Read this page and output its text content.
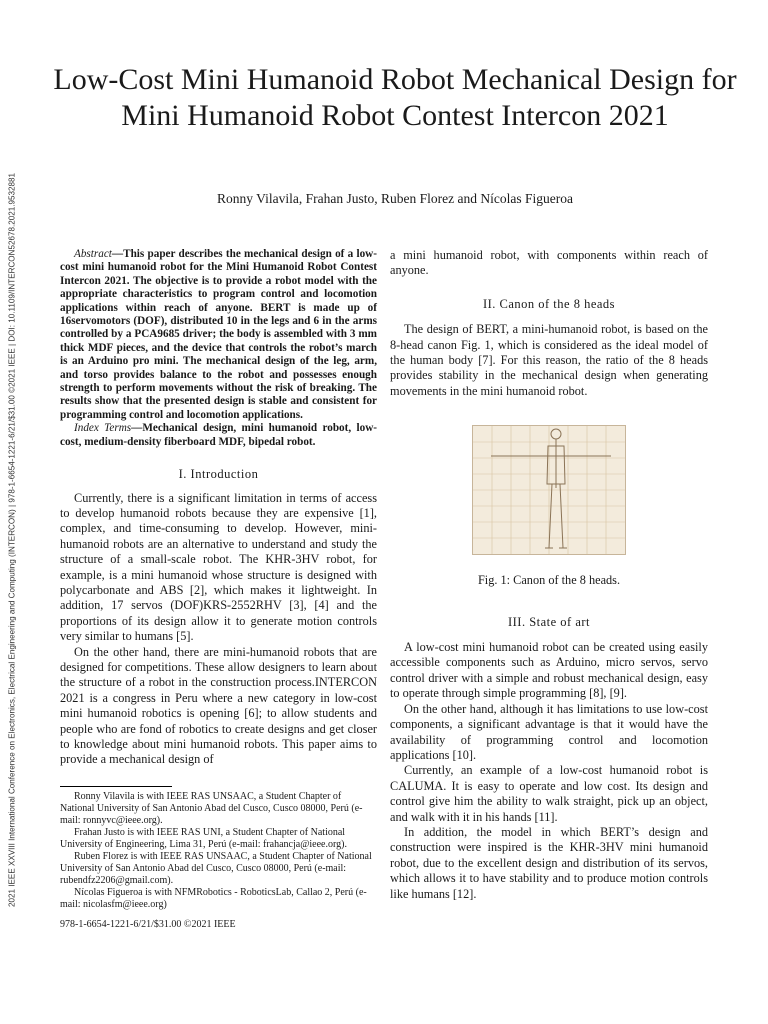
2021 IEEE XXVIII International Conference on Electronics, Electrical Engineering and Computing (INTERCON) | 978-1-6654-1221-6/21/$31.00 ©2021 IEEE | DOI: 10.1109/INTERCON52678.2021.9532881
Low-Cost Mini Humanoid Robot Mechanical Design for Mini Humanoid Robot Contest Intercon 2021
Ronny Vilavila, Frahan Justo, Ruben Florez and Nícolas Figueroa

Abstract—This paper describes the mechanical design of a low-cost mini humanoid robot for the Mini Humanoid Robot Contest Intercon 2021. The objective is to provide a robot model with the appropriate characteristics to program control and locomotion applications within reach of anyone. BERT is made up of 16servomotors (DOF), distributed 10 in the legs and 6 in the arms controlled by a PCA9685 driver; the body is assembled with 3 mm thick MDF pieces, and the device that controls the robot’s march is an Arduino pro mini. The mechanical design of the leg, arm, and torso provides balance to the robot and possesses enough strength to perform movements without the risk of breaking. The results show that the presented design is stable and consistent for programming control and locomotion applications.

Index Terms—Mechanical design, mini humanoid robot, low-cost, medium-density fiberboard MDF, bipedal robot.

I. Introduction

Currently, there is a significant limitation in terms of access to develop humanoid robots because they are expensive [1], complex, and time-consuming to develop. However, mini-humanoid robots are an alternative to understand and study the structure of a small-scale robot. The KHR-3HV robot, for example, is a mini humanoid whose structure is designed with polycarbonate and ABS [2], which makes it lightweight. In addition, 17 servos (DOF)KRS-2552RHV [3], [4] and the proportions of its design allow it to generate motion controls very similar to humans [5].

On the other hand, there are mini-humanoid robots that are designed for competitions. These allow designers to learn about the structure of a robot in the construction process.INTERCON 2021 is a congress in Peru where a new category in low-cost mini humanoid robotics is opening [6]; to allow students and people who are fond of robotics to create designs and get closer to knowledge about mini humanoid robots. This paper aims to provide a mechanical design of

Ronny Vilavila is with IEEE RAS UNSAAC, a Student Chapter of National University of San Antonio Abad del Cusco, Cusco 08000, Perú (e-mail: ronnyvc@ieee.org).

Frahan Justo is with IEEE RAS UNI, a Student Chapter of National University of Engineering, Lima 31, Perú (e-mail: frahancja@ieee.org).

Ruben Florez is with IEEE RAS UNSAAC, a Student Chapter of National University of San Antonio Abad del Cusco, Cusco 08000, Perú (e-mail: rubendfz2206@gmail.com).

Nícolas Figueroa is with NFMRobotics - RoboticsLab, Callao 2, Perú (e-mail: nicolasfm@ieee.org)

978-1-6654-1221-6/21/$31.00 ©2021 IEEE

a mini humanoid robot, with components within reach of anyone.

II. Canon of the 8 heads

The design of BERT, a mini-humanoid robot, is based on the 8-head canon Fig. 1, which is considered as the ideal model of the human body [7]. For this reason, the ratio of the 8 heads provides stability in the mechanical design when generating movements in the mini humanoid robot.

Fig. 1: Canon of the 8 heads.
III. State of art

A low-cost mini humanoid robot can be created using easily accessible components such as Arduino, micro servos, servo control driver with a simple and robust mechanical design, easy to operate through simple programming [8], [9].

On the other hand, although it has limitations to use low-cost components, a significant advantage is that it would have the availability of programming control and locomotion applications [10].

Currently, an example of a low-cost humanoid robot is CALUMA. It is easy to operate and low cost. Its design and control give him the ability to walk straight, pick up an object, and walk with it in his hands [11].

In addition, the model in which BERT’s design and construction were inspired is the KHR-3HV mini humanoid robot, due to the excellent design and distribution of its servos, which allows it to have stability and to produce motion controls like humans [12].
